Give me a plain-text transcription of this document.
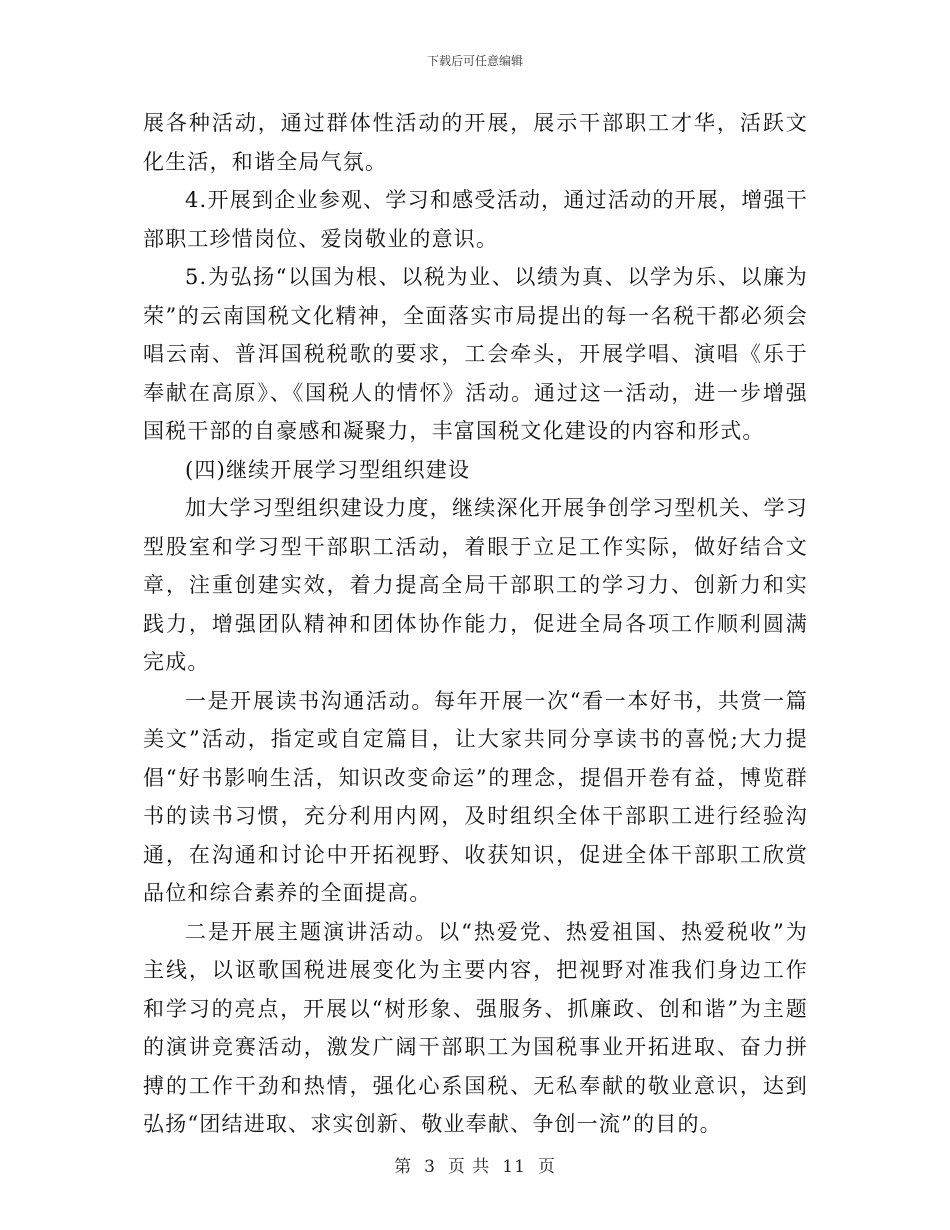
下载后可任意编辑

展各种活动，通过群体性活动的开展，展示干部职工才华，活跃文化生活，和谐全局气氛。

4.开展到企业参观、学习和感受活动，通过活动的开展，增强干部职工珍惜岗位、爱岗敬业的意识。

5.为弘扬“以国为根、以税为业、以绩为真、以学为乐、以廉为荣”的云南国税文化精神，全面落实市局提出的每一名税干都必须会唱云南、普洱国税税歌的要求，工会牵头，开展学唱、演唱《乐于奉献在高原》、《国税人的情怀》活动。通过这一活动，进一步增强国税干部的自豪感和凝聚力，丰富国税文化建设的内容和形式。

(四)继续开展学习型组织建设

加大学习型组织建设力度，继续深化开展争创学习型机关、学习型股室和学习型干部职工活动，着眼于立足工作实际，做好结合文章，注重创建实效，着力提高全局干部职工的学习力、创新力和实践力，增强团队精神和团体协作能力，促进全局各项工作顺利圆满完成。

一是开展读书沟通活动。每年开展一次“看一本好书，共赏一篇美文”活动，指定或自定篇目，让大家共同分享读书的喜悦;大力提倡“好书影响生活，知识改变命运”的理念，提倡开卷有益，博览群书的读书习惯，充分利用内网，及时组织全体干部职工进行经验沟通，在沟通和讨论中开拓视野、收获知识，促进全体干部职工欣赏品位和综合素养的全面提高。

二是开展主题演讲活动。以“热爱党、热爱祖国、热爱税收”为主线，以讴歌国税进展变化为主要内容，把视野对准我们身边工作和学习的亮点，开展以“树形象、强服务、抓廉政、创和谐”为主题的演讲竞赛活动，激发广阔干部职工为国税事业开拓进取、奋力拼搏的工作干劲和热情，强化心系国税、无私奉献的敬业意识，达到弘扬“团结进取、求实创新、敬业奉献、争创一流”的目的。

第 3 页 共 11 页
